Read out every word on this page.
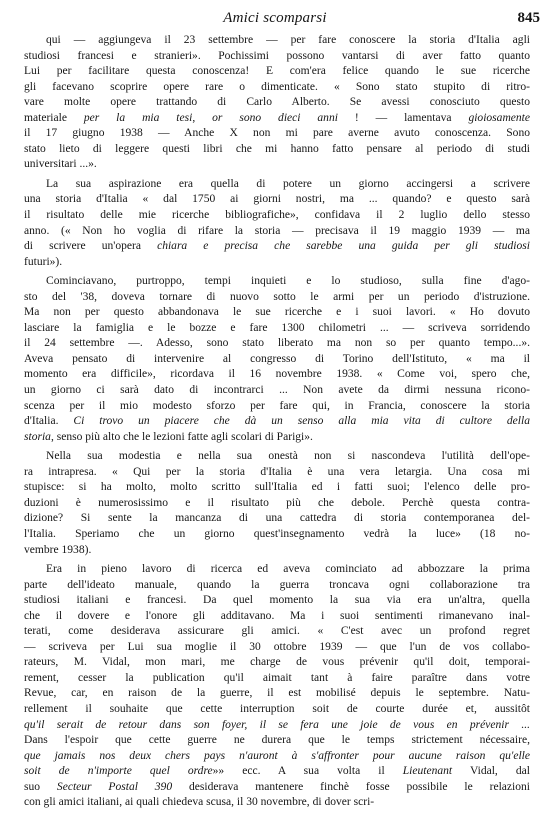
Amici scomparsi	845
qui — aggiungeva il 23 settembre — per fare conoscere la storia d'Italia agli
studiosi francesi e stranieri». Pochissimi possono vantarsi di aver fatto quanto
Lui per facilitare questa conoscenza! E com'era felice quando le sue ricerche
gli facevano scoprire opere rare o dimenticate. « Sono stato stupito di ritro-
vare molte opere trattando di Carlo Alberto. Se avessi conosciuto questo
materiale per la mia tesi, or sono dieci anni ! — lamentava gioiosamente
il 17 giugno 1938 — Anche X non mi pare averne avuto conoscenza. Sono
stato lieto di leggere questi libri che mi hanno fatto pensare al periodo di studi
universitari ...».
La sua aspirazione era quella di potere un giorno accingersi a scrivere
una storia d'Italia « dal 1750 ai giorni nostri, ma ... quando? e questo sarà
il risultato delle mie ricerche bibliografiche», confidava il 2 luglio dello stesso
anno. (« Non ho voglia di rifare la storia — precisava il 19 maggio 1939 — ma
di scrivere un'opera chiara e precisa che sarebbe una guida per gli studiosi
futuri»).
Cominciavano, purtroppo, tempi inquieti e lo studioso, sulla fine d'ago-
sto del '38, doveva tornare di nuovo sotto le armi per un periodo d'istruzione.
Ma non per questo abbandonava le sue ricerche e i suoi lavori. « Ho dovuto
lasciare la famiglia e le bozze e fare 1300 chilometri ... — scriveva sorridendo
il 24 settembre —. Adesso, sono stato liberato ma non so per quanto tempo...».
Aveva pensato di intervenire al congresso di Torino dell'Istituto, « ma il
momento era difficile», ricordava il 16 novembre 1938. « Come voi, spero che,
un giorno ci sarà dato di incontrarci ... Non avete da dirmi nessuna ricono-
scenza per il mio modesto sforzo per fare qui, in Francia, conoscere la storia
d'Italia. Ci trovo un piacere che dà un senso alla mia vita di cultore della
storia, senso più alto che le lezioni fatte agli scolari di Parigi».
Nella sua modestia e nella sua onestà non si nascondeva l'utilità dell'ope-
ra intrapresa. « Qui per la storia d'Italia è una vera letargia. Una cosa mi
stupisce: si ha molto, molto scritto sull'Italia ed i fatti suoi; l'elenco delle pro-
duzioni è numerosissimo e il risultato più che debole. Perchè questa contra-
dizione? Si sente la mancanza di una cattedra di storia contemporanea del-
l'Italia. Speriamo che un giorno quest'insegnamento vedrà la luce» (18 no-
vembre 1938).
Era in pieno lavoro di ricerca ed aveva cominciato ad abbozzare la prima
parte dell'ideato manuale, quando la guerra troncava ogni collaborazione tra
studiosi italiani e francesi. Da quel momento la sua via era un'altra, quella
che il dovere e l'onore gli additavano. Ma i suoi sentimenti rimanevano inal-
terati, come desiderava assicurare gli amici. « C'est avec un profond regret
— scriveva per Lui sua moglie il 30 ottobre 1939 — que l'un de vos collabo-
rateurs, M. Vidal, mon mari, me charge de vous prévenir qu'il doit, temporai-
rement, cesser la publication qu'il aimait tant à faire paraître dans votre
Revue, car, en raison de la guerre, il est mobilisé depuis le septembre. Natu-
rellement il souhaite que cette interruption soit de courte durée et, aussitôt
qu'il serait de retour dans son foyer, il se fera une joie de vous en prévenir ...
Dans l'espoir que cette guerre ne durera que le temps strictement nécessaire,
que jamais nos deux chers pays n'auront à s'affronter pour aucune raison qu'elle
soit de n'importe quel ordre»» ecc. A sua volta il Lieutenant Vidal, dal
suo Secteur Postal 390 desiderava mantenere finchè fosse possibile le relazioni
con gli amici italiani, ai quali chiedeva scusa, il 30 novembre, di dover scri-
